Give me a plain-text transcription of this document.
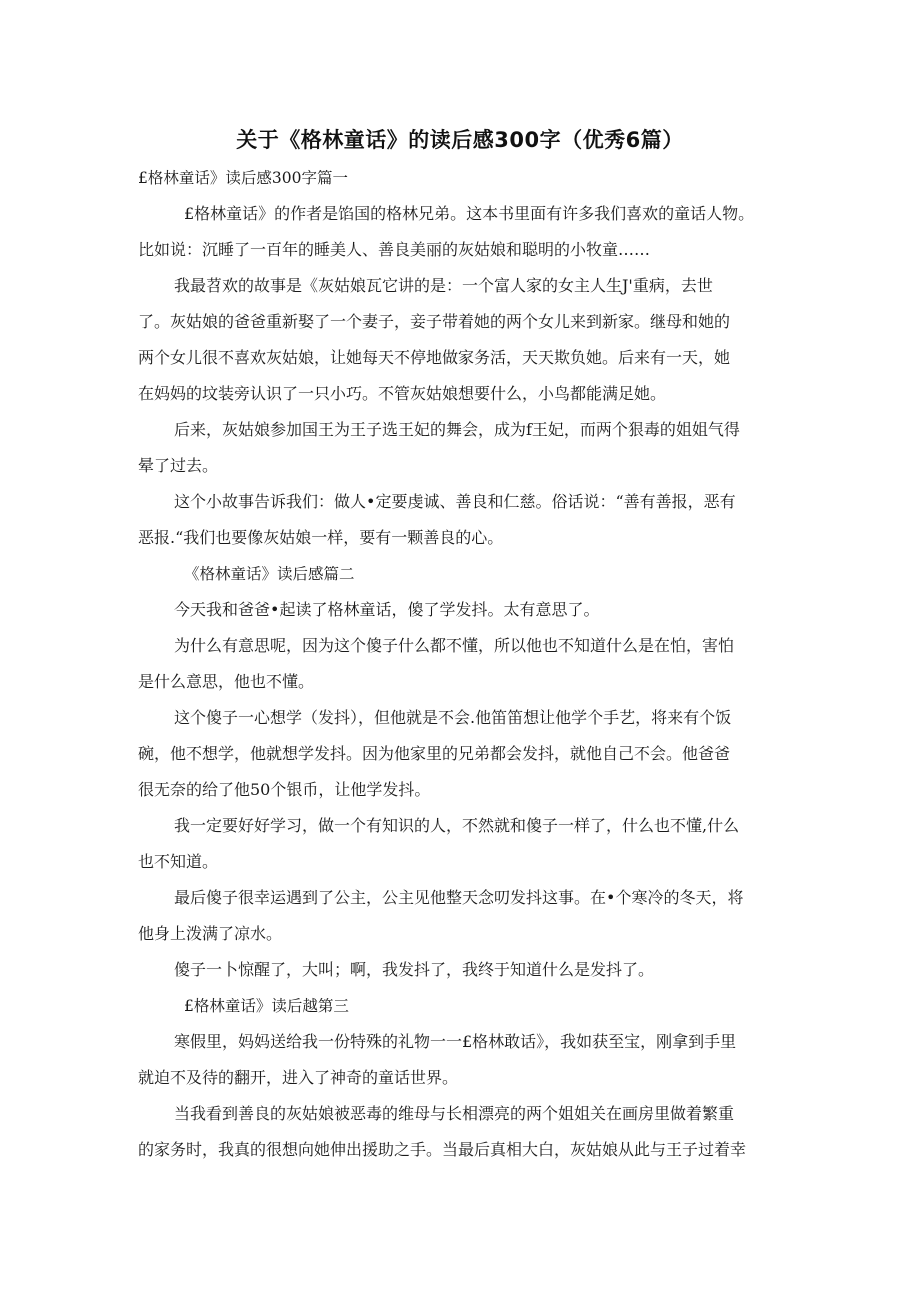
关于《格林童话》的读后感300字（优秀6篇）
£格林童话》读后感300字篇一
£格林童话》的作者是馅国的格林兄弟。这本书里面有许多我们喜欢的童话人物。
比如说：沉睡了一百年的睡美人、善良美丽的灰姑娘和聪明的小牧童……
我最苕欢的故事是《灰姑娘瓦它讲的是：一个富人家的女主人生J'重病，去世
了。灰姑娘的爸爸重新娶了一个妻子，妾子带着她的两个女儿来到新家。继母和她的
两个女儿很不喜欢灰姑娘，让她每天不停地做家务活，天天欺负她。后来有一天，她
在妈妈的坟装旁认识了一只小巧。不管灰姑娘想要什么，小鸟都能满足她。
后来，灰姑娘参加国王为王子选王妃的舞会，成为f王妃，而两个狠毒的姐姐气得
晕了过去。
这个小故事告诉我们：做人•定要虔诚、善良和仁慈。俗话说：“善有善报，恶有
恶报.“我们也要像灰姑娘一样，要有一颗善良的心。
《格林童话》读后感篇二
今天我和爸爸•起读了格林童话，傻了学发抖。太有意思了。
为什么有意思呢，因为这个傻子什么都不懂，所以他也不知道什么是在怕，害怕
是什么意思，他也不懂。
这个傻子一心想学（发抖），但他就是不会.他笛笛想让他学个手艺，将来有个饭
碗，他不想学，他就想学发抖。因为他家里的兄弟都会发抖，就他自己不会。他爸爸
很无奈的给了他50个银币，让他学发抖。
我一定要好好学习，做一个有知识的人，不然就和傻子一样了，什么也不懂,什么
也不知道。
最后傻子很幸运遇到了公主，公主见他整天念叨发抖这事。在•个寒冷的冬天，将
他身上泼满了凉水。
傻子一卜惊醒了，大叫；啊，我发抖了，我终于知道什么是发抖了。
£格林童话》读后越第三
寒假里，妈妈送给我一份特殊的礼物一一£格林敢话》，我如获至宝，刚拿到手里
就迫不及待的翻开，进入了神奇的童话世界。
当我看到善良的灰姑娘被恶毒的维母与长相漂亮的两个姐姐关在画房里做着繁重
的家务时，我真的很想向她伸出援助之手。当最后真相大白，灰姑娘从此与王子过着幸
